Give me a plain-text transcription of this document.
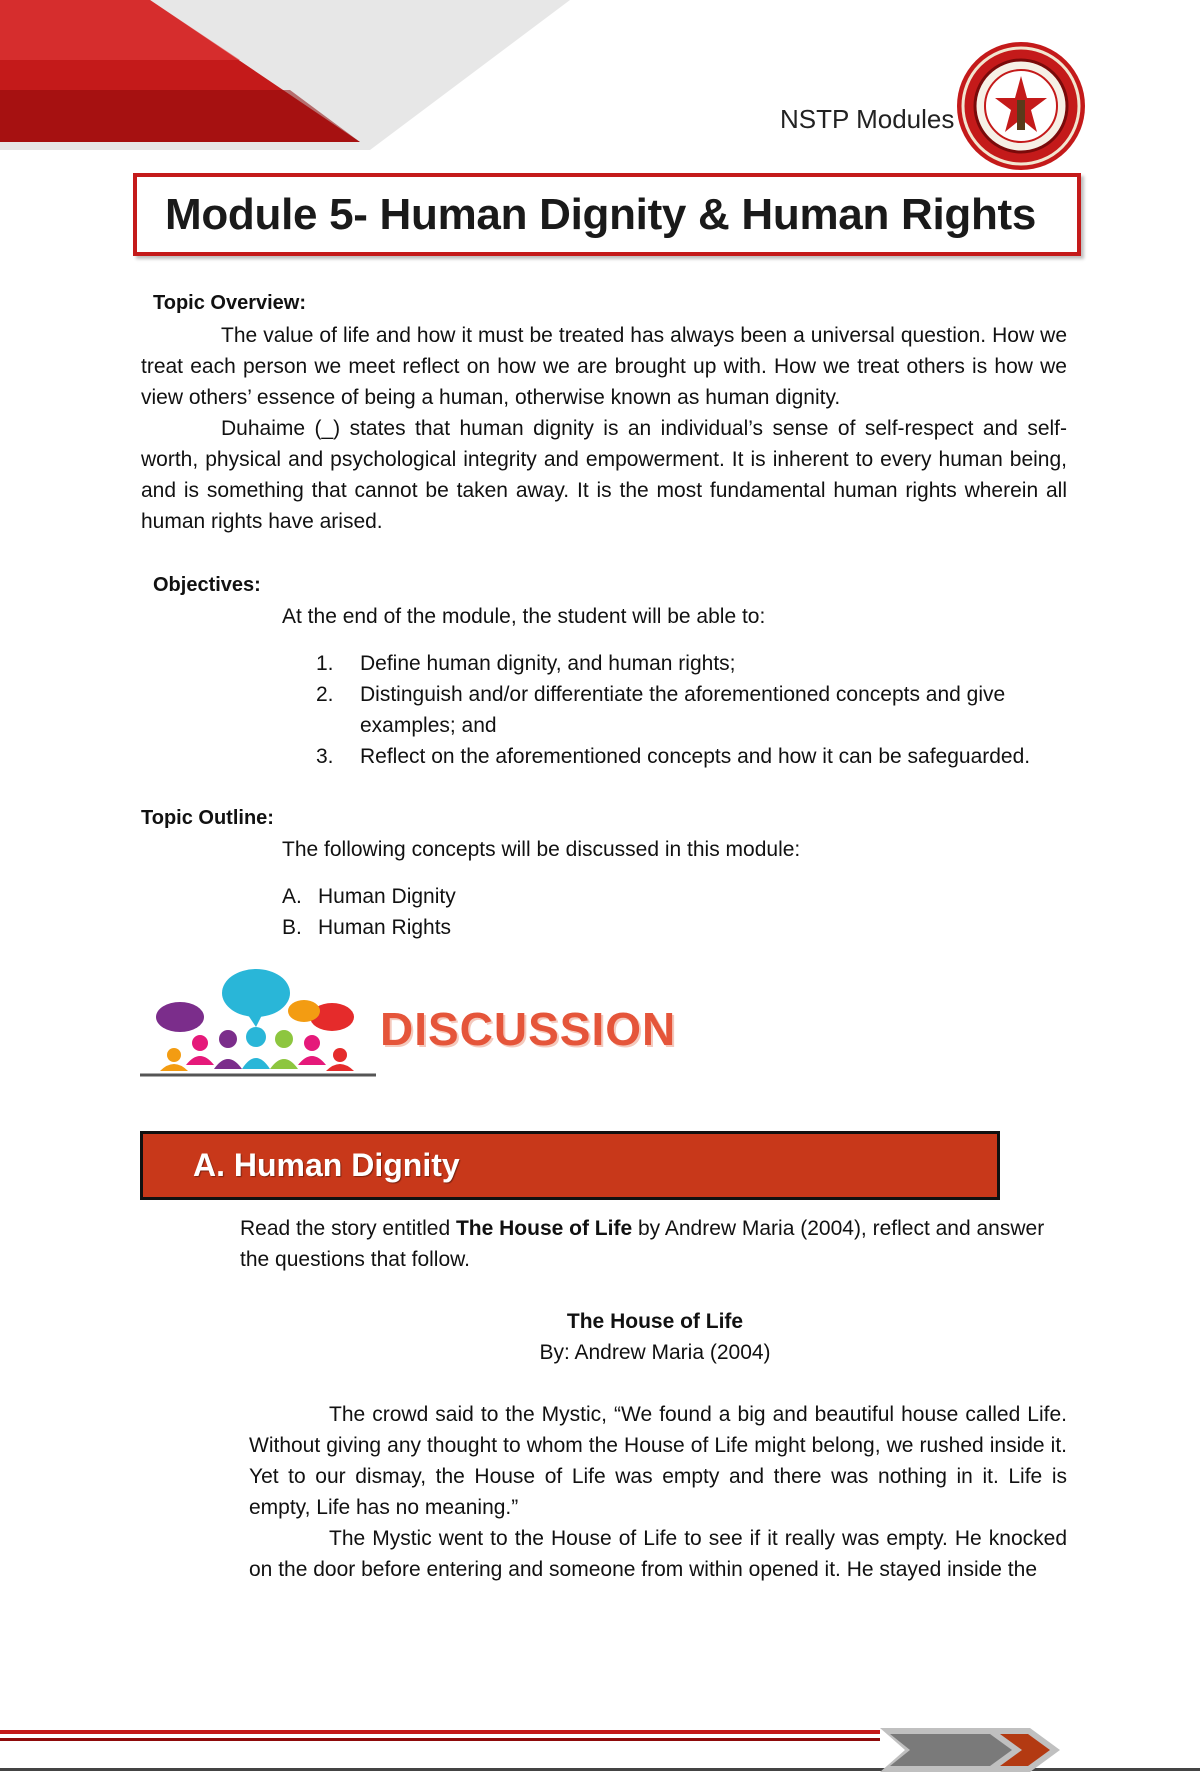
NSTP Modules
Module 5- Human Dignity & Human Rights
Topic Overview:

The value of life and how it must be treated has always been a universal question. How we treat each person we meet reflect on how we are brought up with. How we treat others is how we view others’ essence of being a human, otherwise known as human dignity.

Duhaime (_) states that human dignity is an individual’s sense of self-respect and self-worth, physical and psychological integrity and empowerment. It is inherent to every human being, and is something that cannot be taken away. It is the most fundamental human rights wherein all human rights have arised.

Objectives:
At the end of the module, the student will be able to:
1. Define human dignity, and human rights;
2. Distinguish and/or differentiate the aforementioned concepts and give examples; and
3. Reflect on the aforementioned concepts and how it can be safeguarded.
Topic Outline:
The following concepts will be discussed in this module:
A. Human Dignity
B. Human Rights
DISCUSSION
A. Human Dignity
Read the story entitled The House of Life by Andrew Maria (2004), reflect and answer the questions that follow.
The House of Life
By: Andrew Maria (2004)

The crowd said to the Mystic, “We found a big and beautiful house called Life. Without giving any thought to whom the House of Life might belong, we rushed inside it. Yet to our dismay, the House of Life was empty and there was nothing in it. Life is empty, Life has no meaning.”

The Mystic went to the House of Life to see if it really was empty. He knocked on the door before entering and someone from within opened it. He stayed inside the
